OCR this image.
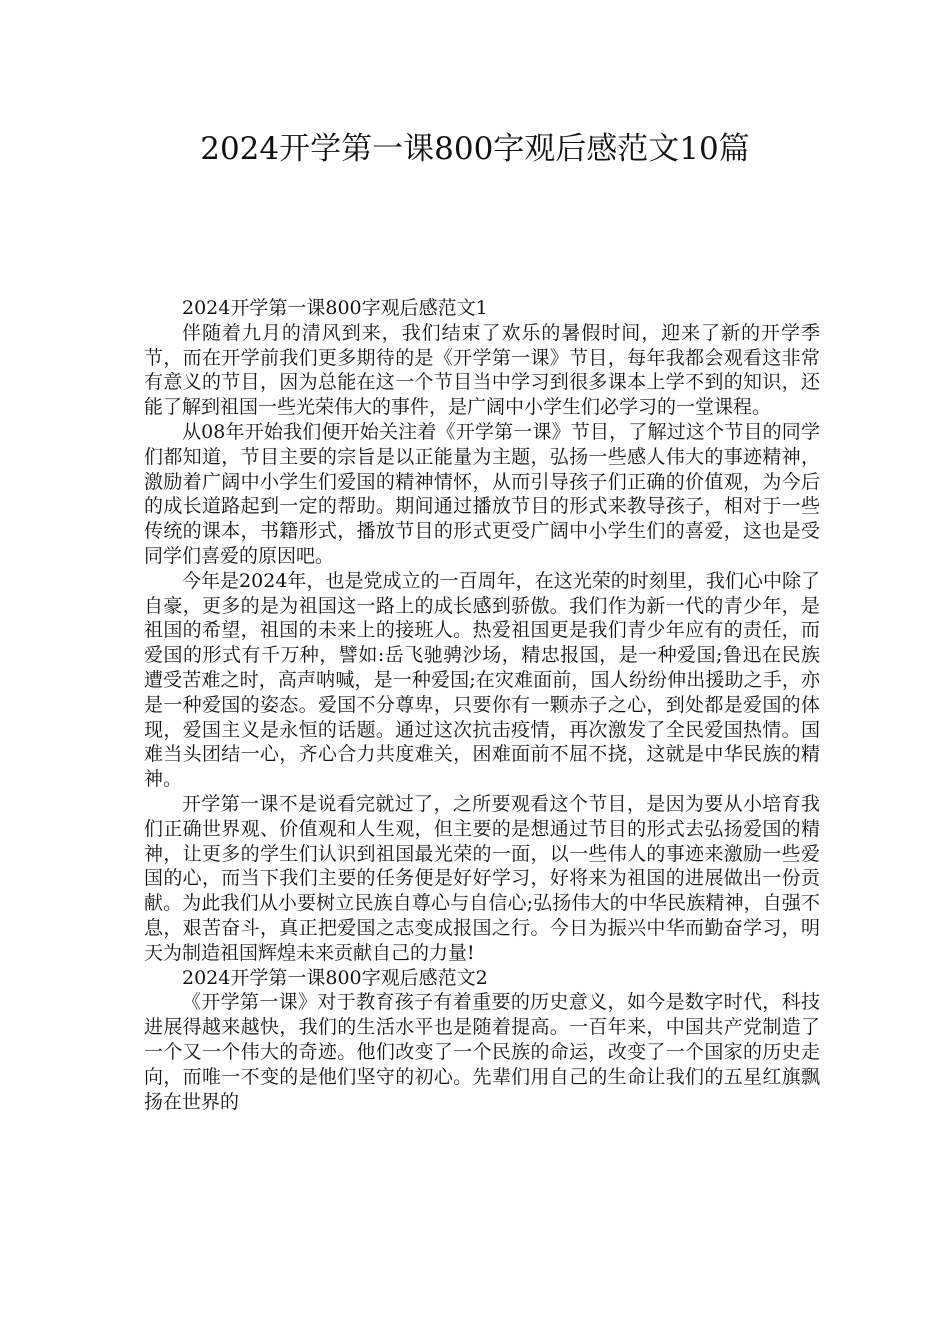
2024开学第一课800字观后感范文10篇

2024开学第一课800字观后感范文1

伴随着九月的清风到来，我们结束了欢乐的暑假时间，迎来了新的开学季节，而在开学前我们更多期待的是《开学第一课》节目，每年我都会观看这非常有意义的节目，因为总能在这一个节目当中学习到很多课本上学不到的知识，还能了解到祖国一些光荣伟大的事件，是广阔中小学生们必学习的一堂课程。

从08年开始我们便开始关注着《开学第一课》节目，了解过这个节目的同学们都知道，节目主要的宗旨是以正能量为主题，弘扬一些感人伟大的事迹精神，激励着广阔中小学生们爱国的精神情怀，从而引导孩子们正确的价值观，为今后的成长道路起到一定的帮助。期间通过播放节目的形式来教导孩子，相对于一些传统的课本，书籍形式，播放节目的形式更受广阔中小学生们的喜爱，这也是受同学们喜爱的原因吧。

今年是2024年，也是党成立的一百周年，在这光荣的时刻里，我们心中除了自豪，更多的是为祖国这一路上的成长感到骄傲。我们作为新一代的青少年，是祖国的希望，祖国的未来上的接班人。热爱祖国更是我们青少年应有的责任，而爱国的形式有千万种，譬如:岳飞驰骋沙场，精忠报国，是一种爱国;鲁迅在民族遭受苦难之时，高声呐喊，是一种爱国;在灾难面前，国人纷纷伸出援助之手，亦是一种爱国的姿态。爱国不分尊卑，只要你有一颗赤子之心，到处都是爱国的体现，爱国主义是永恒的话题。通过这次抗击疫情，再次激发了全民爱国热情。国难当头团结一心，齐心合力共度难关，困难面前不屈不挠，这就是中华民族的精神。

开学第一课不是说看完就过了，之所要观看这个节目，是因为要从小培育我们正确世界观、价值观和人生观，但主要的是想通过节目的形式去弘扬爱国的精神，让更多的学生们认识到祖国最光荣的一面，以一些伟人的事迹来激励一些爱国的心，而当下我们主要的任务便是好好学习，好将来为祖国的进展做出一份贡献。为此我们从小要树立民族自尊心与自信心;弘扬伟大的中华民族精神，自强不息，艰苦奋斗，真正把爱国之志变成报国之行。今日为振兴中华而勤奋学习，明天为制造祖国辉煌未来贡献自己的力量!

2024开学第一课800字观后感范文2

《开学第一课》对于教育孩子有着重要的历史意义，如今是数字时代，科技进展得越来越快，我们的生活水平也是随着提高。一百年来，中国共产党制造了一个又一个伟大的奇迹。他们改变了一个民族的命运，改变了一个国家的历史走向，而唯一不变的是他们坚守的初心。先辈们用自己的生命让我们的五星红旗飘扬在世界的
